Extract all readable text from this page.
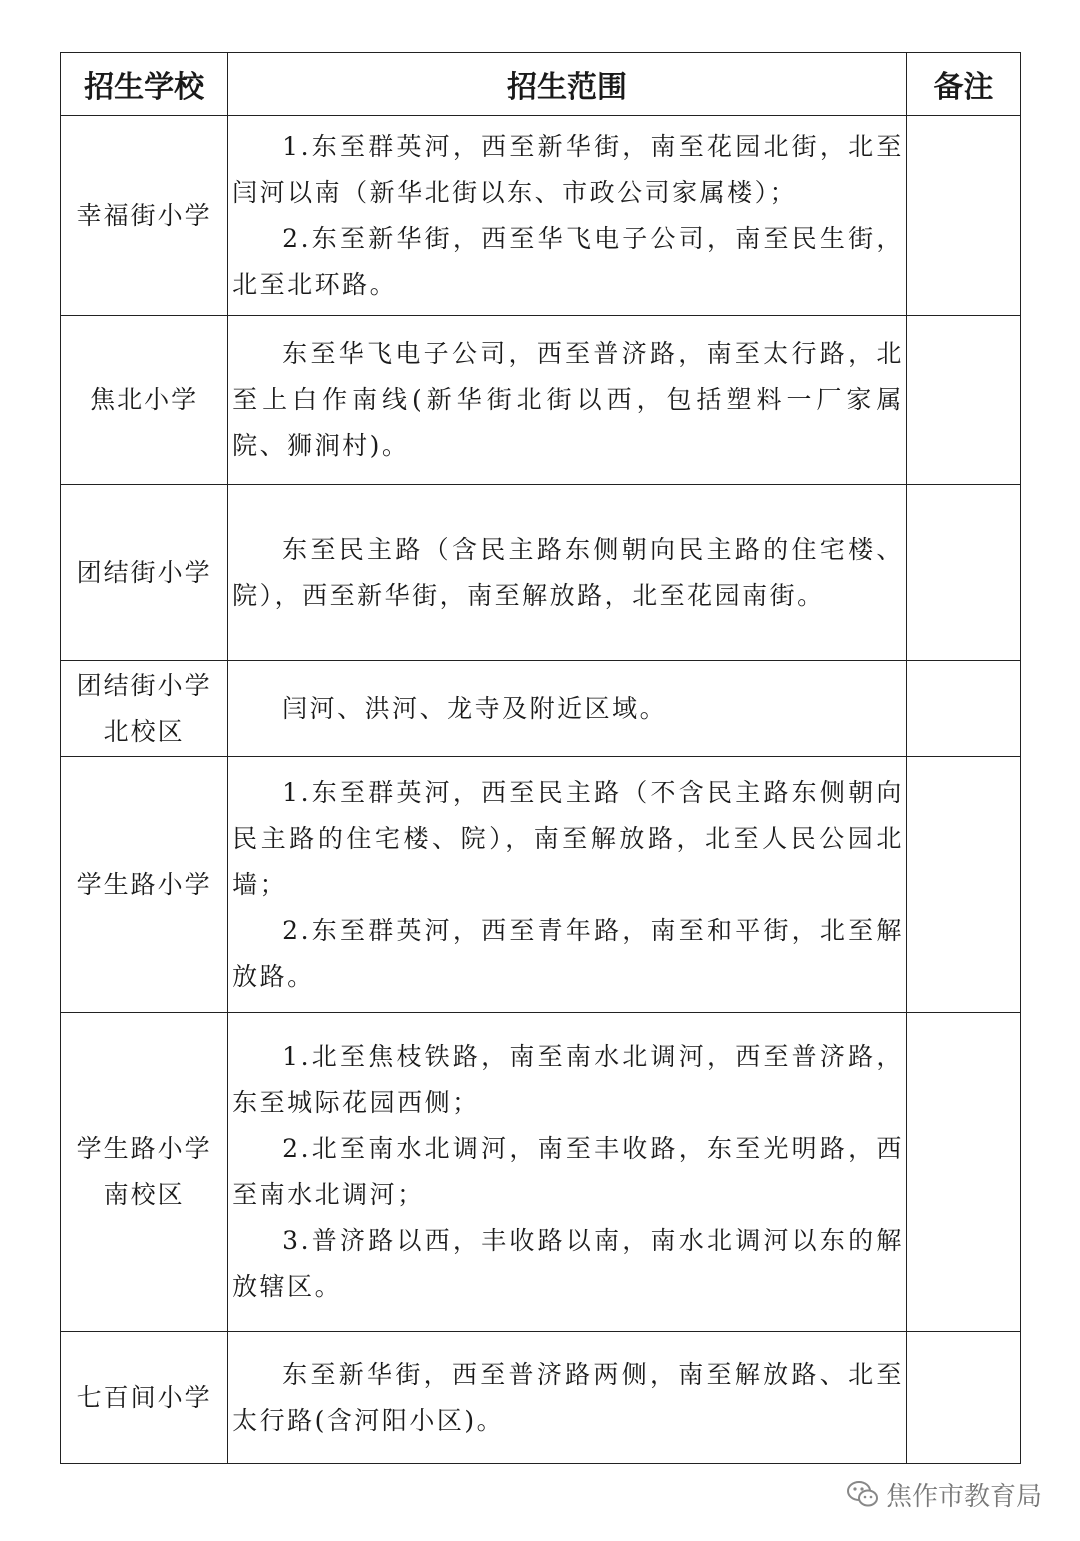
招生学校	招生范围	备注
幸福街小学	1.东至群英河，西至新华街，南至花园北街，北至闫河以南（新华北街以东、市政公司家属楼）；

2.东至新华街，西至华飞电子公司，南至民生街，北至北环路。	

焦北小学	东至华飞电子公司，西至普济路，南至太行路，北至上白作南线(新华街北街以西，包括塑料一厂家属院、狮涧村)。	

团结街小学	东至民主路（含民主路东侧朝向民主路的住宅楼、院），西至新华街，南至解放路，北至花园南街。	

团结街小学北校区	闫河、洪河、龙寺及附近区域。	

学生路小学	1.东至群英河，西至民主路（不含民主路东侧朝向民主路的住宅楼、院），南至解放路，北至人民公园北墙；

2.东至群英河，西至青年路，南至和平街，北至解放路。	

学生路小学南校区	1.北至焦枝铁路，南至南水北调河，西至普济路，东至城际花园西侧；

2.北至南水北调河，南至丰收路，东至光明路，西至南水北调河；

3.普济路以西，丰收路以南，南水北调河以东的解放辖区。	

七百间小学	东至新华街，西至普济路两侧，南至解放路、北至太行路(含河阳小区)。	

焦作市教育局
